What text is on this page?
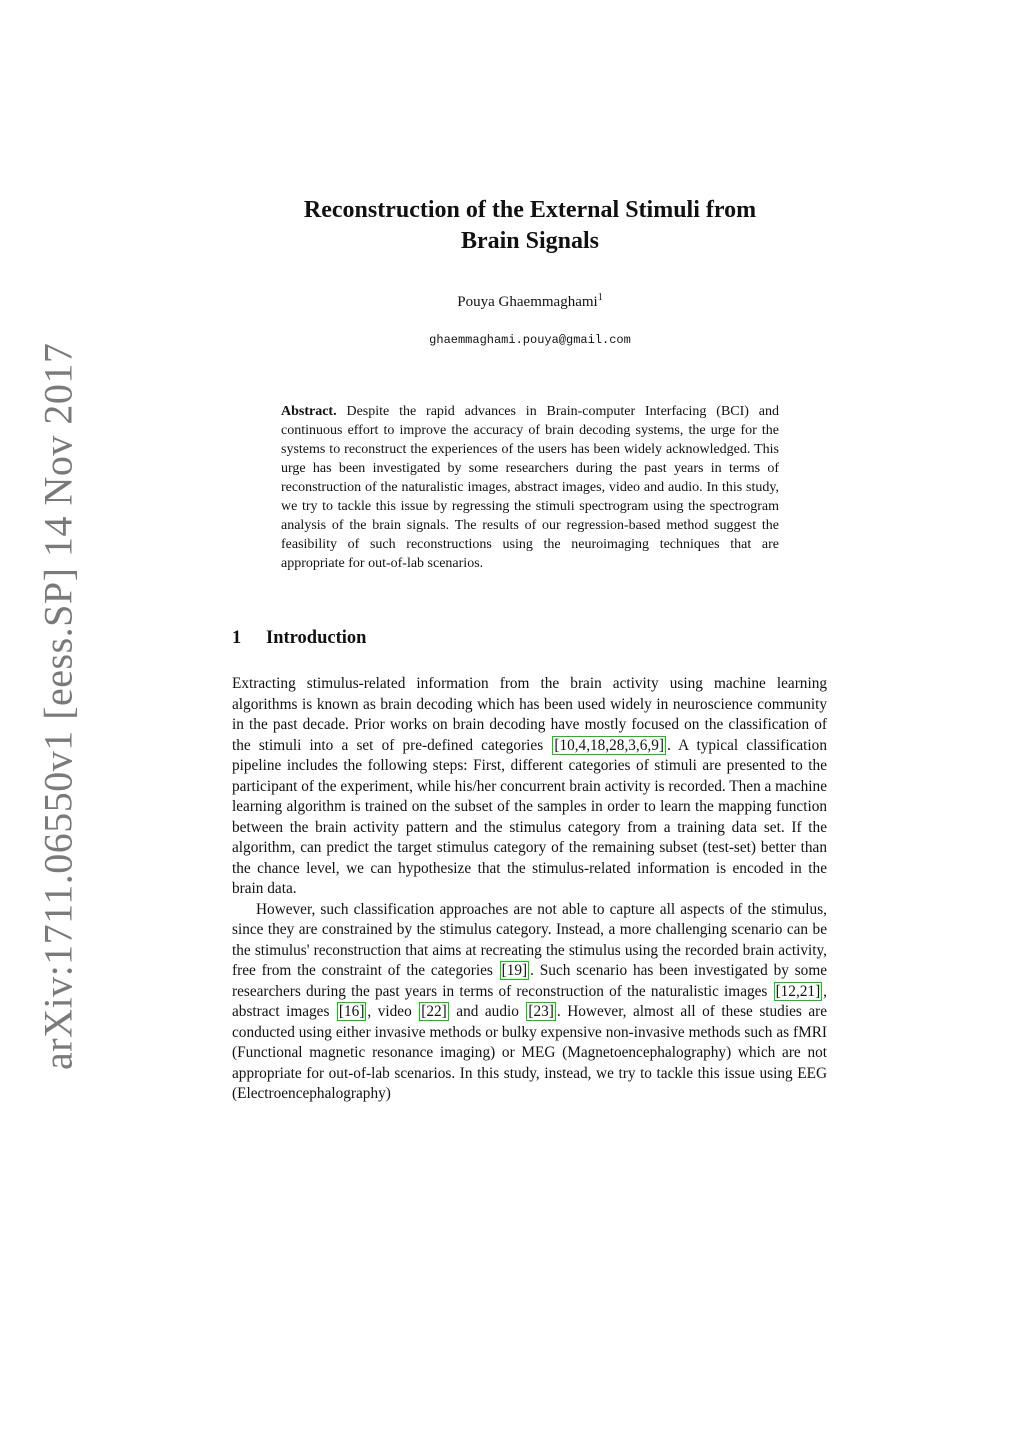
arXiv:1711.06550v1 [eess.SP] 14 Nov 2017
Reconstruction of the External Stimuli from
Brain Signals
Pouya Ghaemmaghami$^1$
ghaemmaghami.pouya@gmail.com
Abstract. Despite the rapid advances in Brain-computer Interfacing (BCI) and continuous effort to improve the accuracy of brain decoding systems, the urge for the systems to reconstruct the experiences of the users has been widely acknowledged. This urge has been investigated by some researchers during the past years in terms of reconstruction of the naturalistic images, abstract images, video and audio. In this study, we try to tackle this issue by regressing the stimuli spectrogram using the spectrogram analysis of the brain signals. The results of our regression-based method suggest the feasibility of such reconstructions using the neuroimaging techniques that are appropriate for out-of-lab scenarios.
1 Introduction

Extracting stimulus-related information from the brain activity using machine learning algorithms is known as brain decoding which has been used widely in neuroscience community in the past decade. Prior works on brain decoding have mostly focused on the classification of the stimuli into a set of pre-defined categories [10,4,18,28,3,6,9] . A typical classification pipeline includes the following steps: First, different categories of stimuli are presented to the participant of the experiment, while his/her concurrent brain activity is recorded. Then a machine learning algorithm is trained on the subset of the samples in order to learn the mapping function between the brain activity pattern and the stimulus category from a training data set. If the algorithm, can predict the target stimulus category of the remaining subset (test-set) better than the chance level, we can hypothesize that the stimulus-related information is encoded in the brain data.

However, such classification approaches are not able to capture all aspects of the stimulus, since they are constrained by the stimulus category. Instead, a more challenging scenario can be the stimulus' reconstruction that aims at recreating the stimulus using the recorded brain activity, free from the constraint of the categories [19] . Such scenario has been investigated by some researchers during the past years in terms of reconstruction of the naturalistic images [12,21] , abstract images [16] , video [22] and audio [23] . However, almost all of these studies are conducted using either invasive methods or bulky expensive non-invasive methods such as fMRI (Functional magnetic resonance imaging) or MEG (Magnetoencephalography) which are not appropriate for out-of-lab scenarios. In this study, instead, we try to tackle this issue using EEG (Electroencephalography)
